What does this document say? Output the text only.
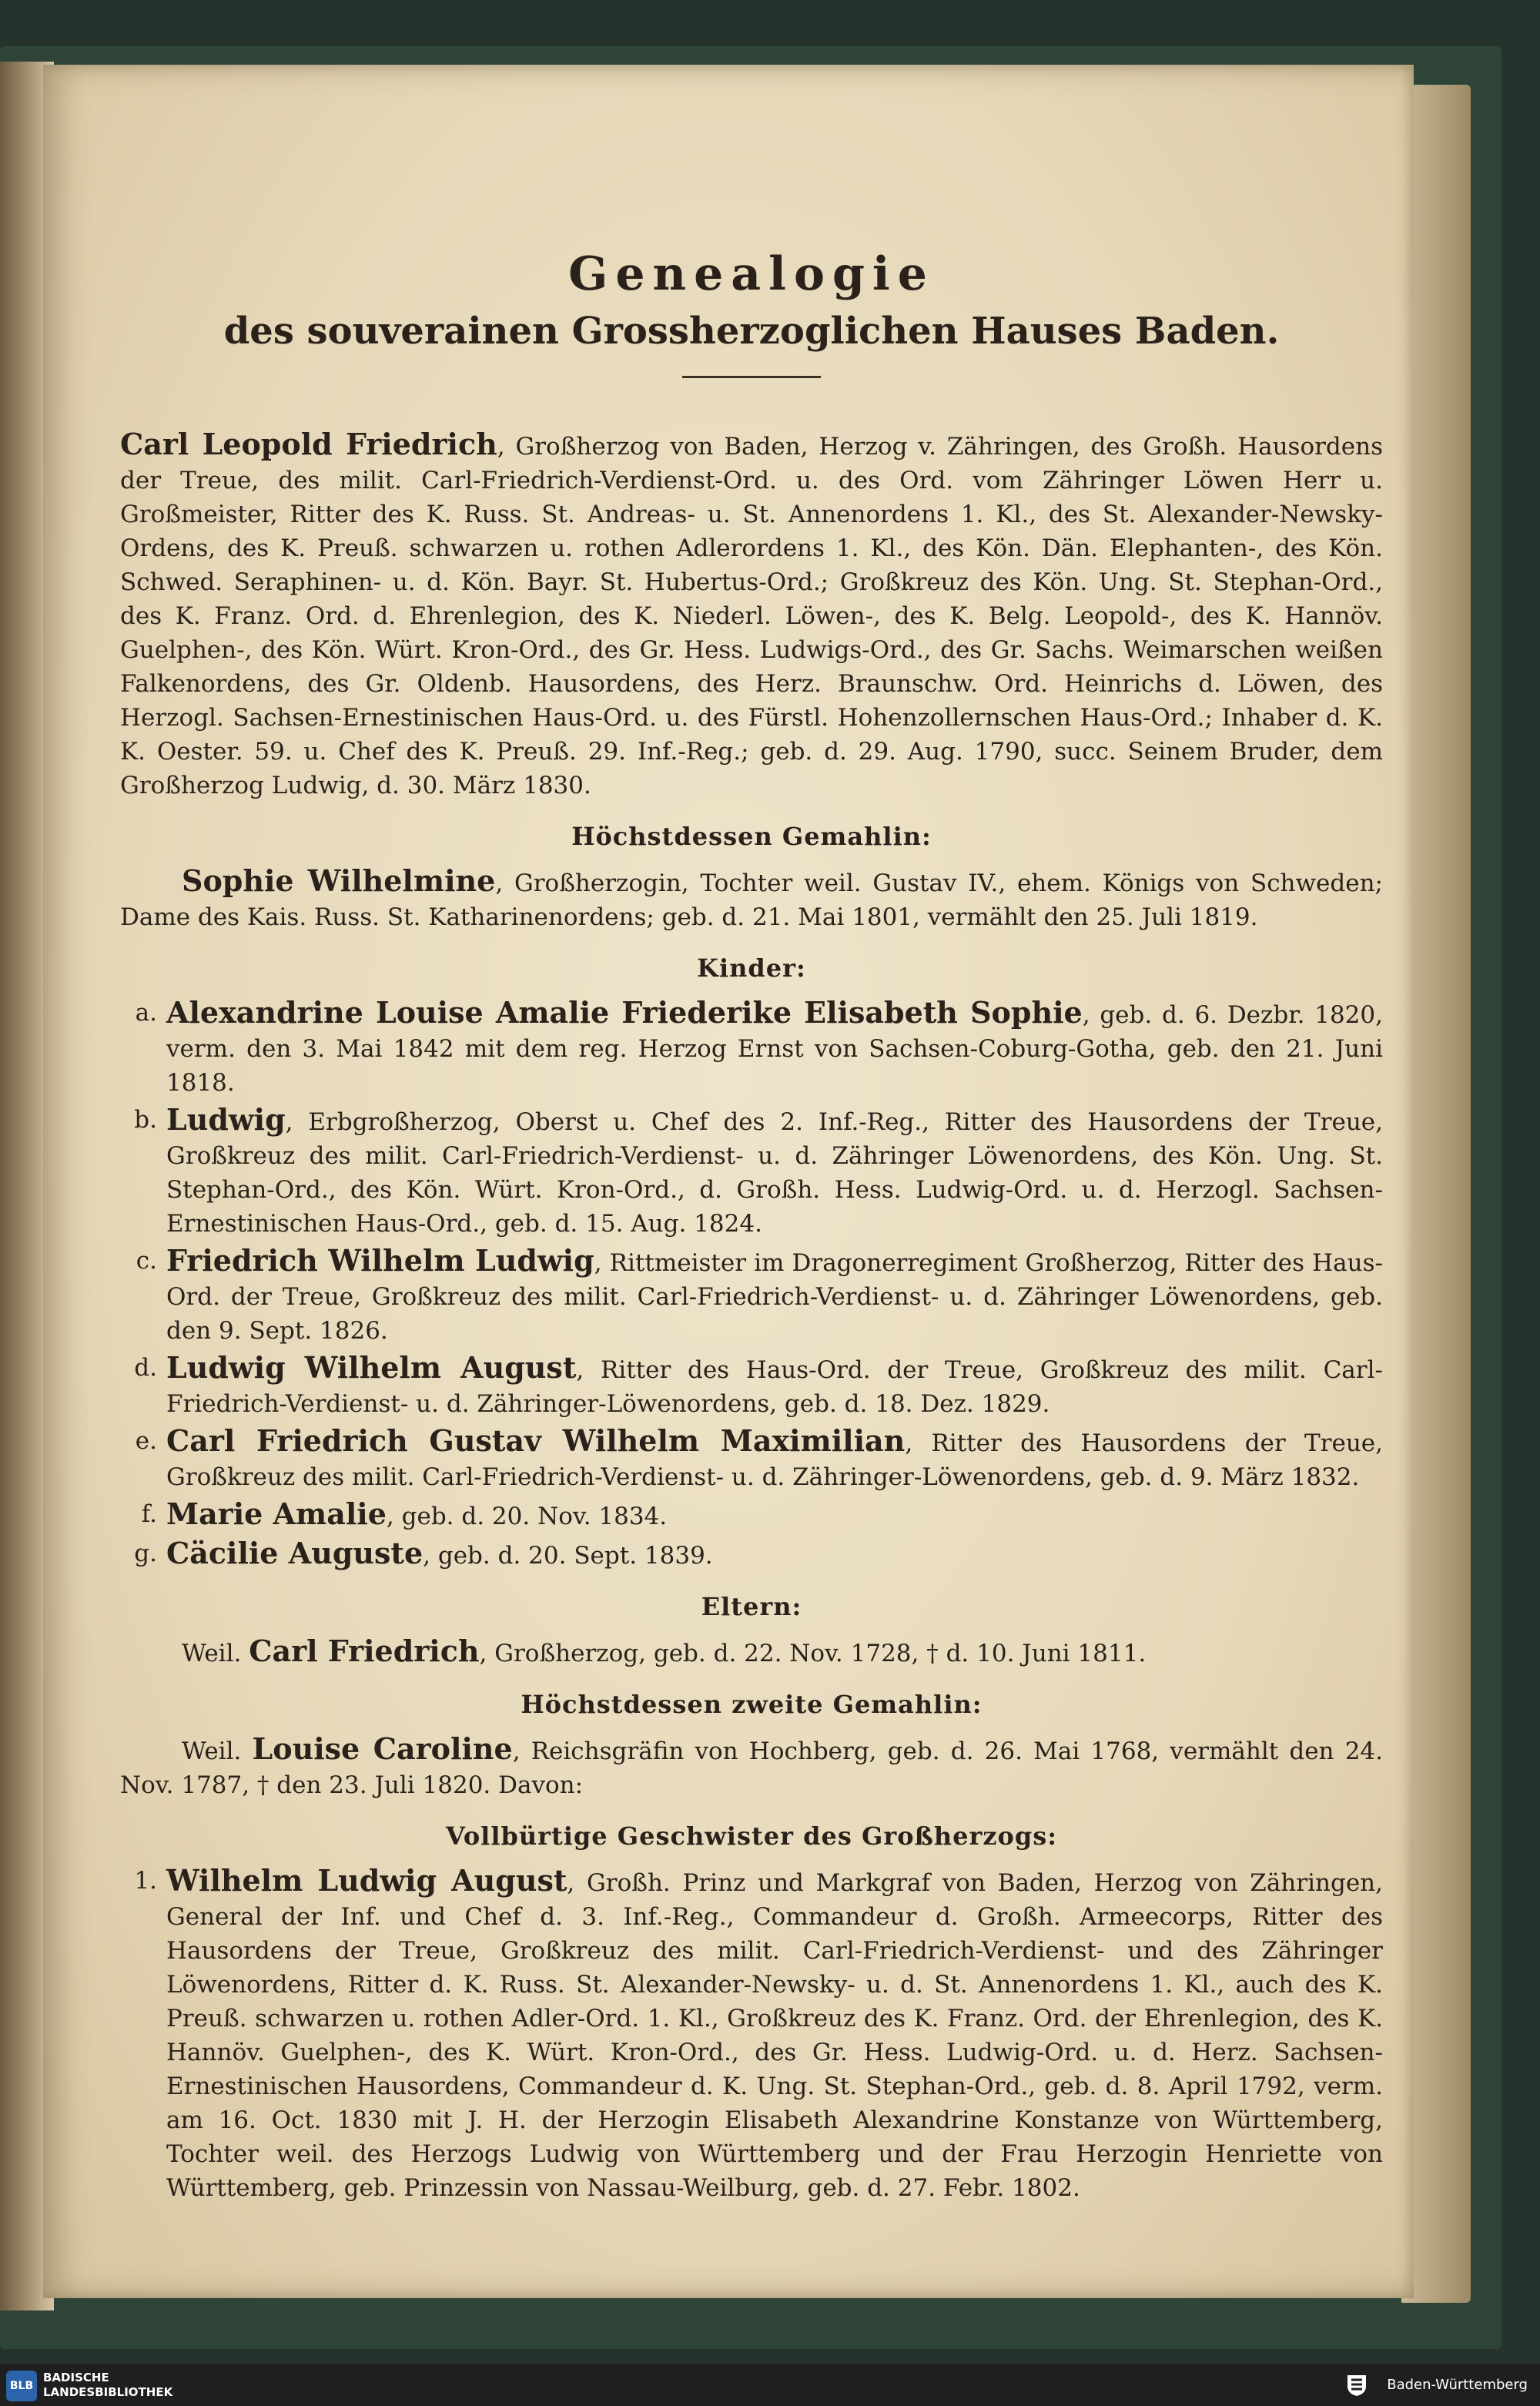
Genealogie
des souverainen Grossherzoglichen Hauses Baden.
Carl Leopold Friedrich, Großherzog von Baden, Herzog v. Zähringen, des Großh. Hausordens der Treue, des milit. Carl-Friedrich-Verdienst-Ord. u. des Ord. vom Zähringer Löwen Herr u. Großmeister, Ritter des K. Russ. St. Andreas- u. St. Annenordens 1. Kl., des St. Alexander-Newsky-Ordens, des K. Preuß. schwarzen u. rothen Adlerordens 1. Kl., des Kön. Dän. Elephanten-, des Kön. Schwed. Seraphinen- u. d. Kön. Bayr. St. Hubertus-Ord.; Großkreuz des Kön. Ung. St. Stephan-Ord., des K. Franz. Ord. d. Ehrenlegion, des K. Niederl. Löwen-, des K. Belg. Leopold-, des K. Hannöv. Guelphen-, des Kön. Würt. Kron-Ord., des Gr. Hess. Ludwigs-Ord., des Gr. Sachs. Weimarschen weißen Falkenordens, des Gr. Oldenb. Hausordens, des Herz. Braunschw. Ord. Heinrichs d. Löwen, des Herzogl. Sachsen-Ernestinischen Haus-Ord. u. des Fürstl. Hohenzollernschen Haus-Ord.; Inhaber d. K. K. Oester. 59. u. Chef des K. Preuß. 29. Inf.-Reg.; geb. d. 29. Aug. 1790, succ. Seinem Bruder, dem Großherzog Ludwig, d. 30. März 1830.
Höchstdessen Gemahlin:
Sophie Wilhelmine, Großherzogin, Tochter weil. Gustav IV., ehem. Königs von Schweden; Dame des Kais. Russ. St. Katharinenordens; geb. d. 21. Mai 1801, vermählt den 25. Juli 1819.
Kinder:
a. Alexandrine Louise Amalie Friederike Elisabeth Sophie, geb. d. 6. Dezbr. 1820, verm. den 3. Mai 1842 mit dem reg. Herzog Ernst von Sachsen-Coburg-Gotha, geb. den 21. Juni 1818.
b. Ludwig, Erbgroßherzog, Oberst u. Chef des 2. Inf.-Reg., Ritter des Hausordens der Treue, Großkreuz des milit. Carl-Friedrich-Verdienst- u. d. Zähringer Löwenordens, des Kön. Ung. St. Stephan-Ord., des Kön. Würt. Kron-Ord., d. Großh. Hess. Ludwig-Ord. u. d. Herzogl. Sachsen-Ernestinischen Haus-Ord., geb. d. 15. Aug. 1824.
c. Friedrich Wilhelm Ludwig, Rittmeister im Dragonerregiment Großherzog, Ritter des Haus-Ord. der Treue, Großkreuz des milit. Carl-Friedrich-Verdienst- u. d. Zähringer Löwenordens, geb. den 9. Sept. 1826.
d. Ludwig Wilhelm August, Ritter des Haus-Ord. der Treue, Großkreuz des milit. Carl-Friedrich-Verdienst- u. d. Zähringer-Löwenordens, geb. d. 18. Dez. 1829.
e. Carl Friedrich Gustav Wilhelm Maximilian, Ritter des Hausordens der Treue, Großkreuz des milit. Carl-Friedrich-Verdienst- u. d. Zähringer-Löwenordens, geb. d. 9. März 1832.
f. Marie Amalie, geb. d. 20. Nov. 1834.
g. Cäcilie Auguste, geb. d. 20. Sept. 1839.
Eltern:
Weil. Carl Friedrich, Großherzog, geb. d. 22. Nov. 1728, † d. 10. Juni 1811.
Höchstdessen zweite Gemahlin:
Weil. Louise Caroline, Reichsgräfin von Hochberg, geb. d. 26. Mai 1768, vermählt den 24. Nov. 1787, † den 23. Juli 1820. Davon:
Vollbürtige Geschwister des Großherzogs:
1. Wilhelm Ludwig August, Großh. Prinz und Markgraf von Baden, Herzog von Zähringen, General der Inf. und Chef d. 3. Inf.-Reg., Commandeur d. Großh. Armeecorps, Ritter des Hausordens der Treue, Großkreuz des milit. Carl-Friedrich-Verdienst- und des Zähringer Löwenordens, Ritter d. K. Russ. St. Alexander-Newsky- u. d. St. Annenordens 1. Kl., auch des K. Preuß. schwarzen u. rothen Adler-Ord. 1. Kl., Großkreuz des K. Franz. Ord. der Ehrenlegion, des K. Hannöv. Guelphen-, des K. Würt. Kron-Ord., des Gr. Hess. Ludwig-Ord. u. d. Herz. Sachsen-Ernestinischen Hausordens, Commandeur d. K. Ung. St. Stephan-Ord., geb. d. 8. April 1792, verm. am 16. Oct. 1830 mit J. H. der Herzogin Elisabeth Alexandrine Konstanze von Württemberg, Tochter weil. des Herzogs Ludwig von Württemberg und der Frau Herzogin Henriette von Württemberg, geb. Prinzessin von Nassau-Weilburg, geb. d. 27. Febr. 1802.
BLB
BADISCHE
LANDESBIBLIOTHEK	Baden-Württemberg
